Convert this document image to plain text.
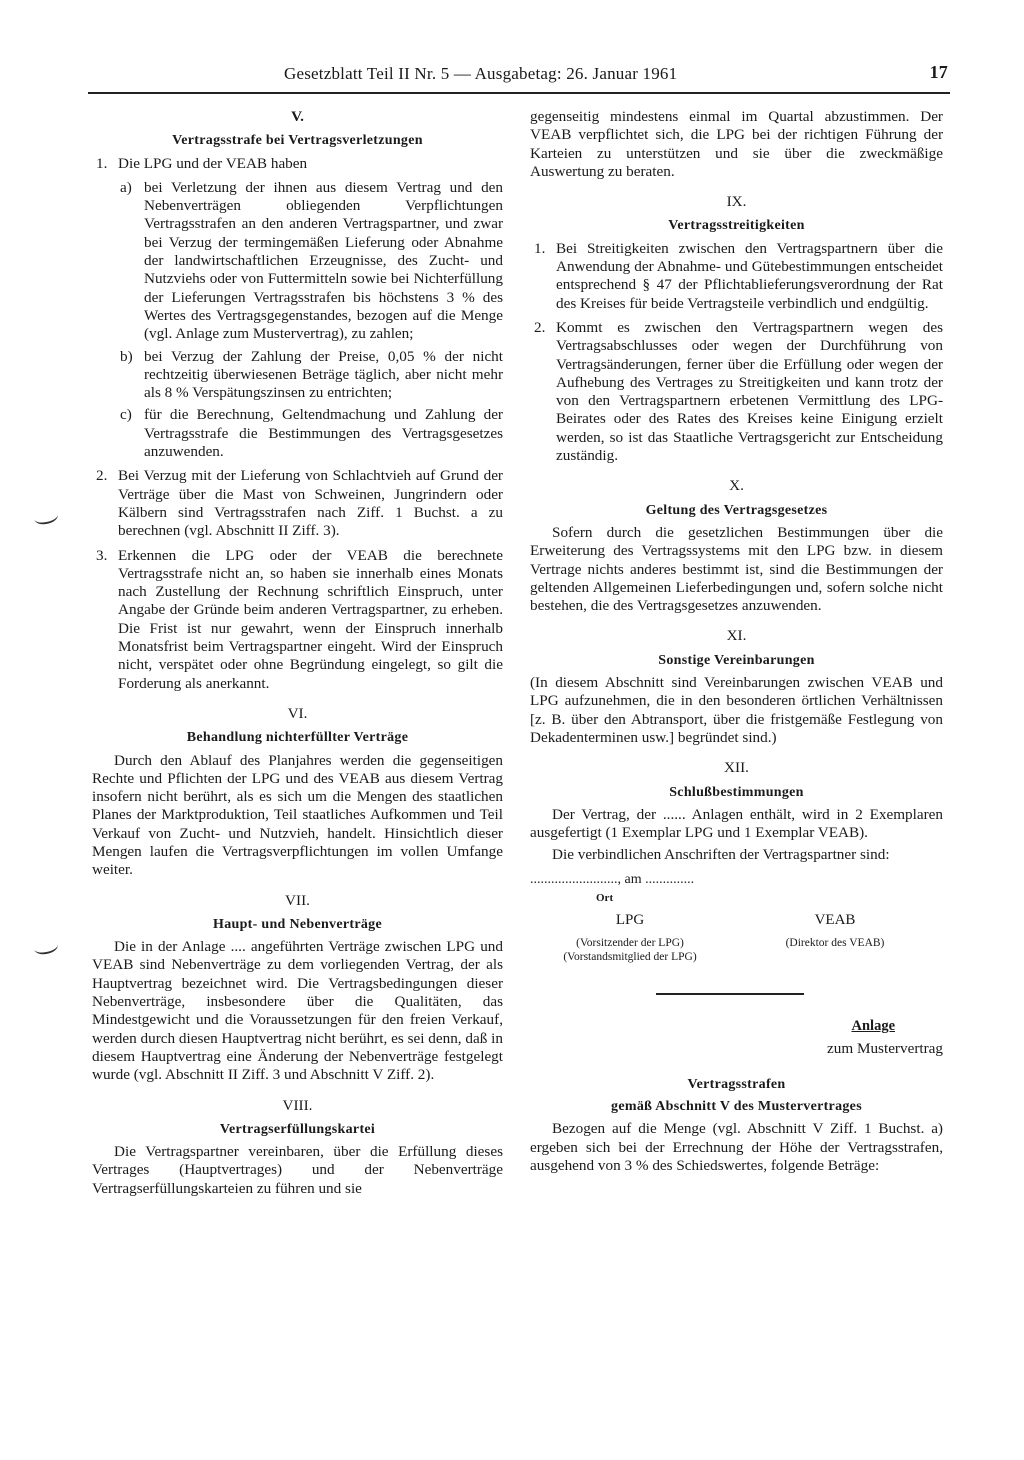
Gesetzblatt Teil II Nr. 5 — Ausgabetag: 26. Januar 1961	17
V.
Vertragsstrafe bei Vertragsverletzungen
1. Die LPG und der VEAB haben
a) bei Verletzung der ihnen aus diesem Vertrag und den Nebenverträgen obliegenden Verpflichtungen Vertragsstrafen an den anderen Vertragspartner, und zwar bei Verzug der termingemäßen Lieferung oder Abnahme der landwirtschaftlichen Erzeugnisse, des Zucht- und Nutzviehs oder von Futtermitteln sowie bei Nichterfüllung der Lieferungen Vertragsstrafen bis höchstens 3 % des Wertes des Vertragsgegenstandes, bezogen auf die Menge (vgl. Anlage zum Mustervertrag), zu zahlen;
b) bei Verzug der Zahlung der Preise, 0,05 % der nicht rechtzeitig überwiesenen Beträge täglich, aber nicht mehr als 8 % Verspätungszinsen zu entrichten;
c) für die Berechnung, Geltendmachung und Zahlung der Vertragsstrafe die Bestimmungen des Vertragsgesetzes anzuwenden.
2. Bei Verzug mit der Lieferung von Schlachtvieh auf Grund der Verträge über die Mast von Schweinen, Jungrindern oder Kälbern sind Vertragsstrafen nach Ziff. 1 Buchst. a zu berechnen (vgl. Abschnitt II Ziff. 3).
3. Erkennen die LPG oder der VEAB die berechnete Vertragsstrafe nicht an, so haben sie innerhalb eines Monats nach Zustellung der Rechnung schriftlich Einspruch, unter Angabe der Gründe beim anderen Vertragspartner, zu erheben. Die Frist ist nur gewahrt, wenn der Einspruch innerhalb Monatsfrist beim Vertragspartner eingeht. Wird der Einspruch nicht, verspätet oder ohne Begründung eingelegt, so gilt die Forderung als anerkannt.
VI.
Behandlung nichterfüllter Verträge

Durch den Ablauf des Planjahres werden die gegenseitigen Rechte und Pflichten der LPG und des VEAB aus diesem Vertrag insofern nicht berührt, als es sich um die Mengen des staatlichen Planes der Marktproduktion, Teil staatliches Aufkommen und Teil Verkauf von Zucht- und Nutzvieh, handelt. Hinsichtlich dieser Mengen laufen die Vertragsverpflichtungen im vollen Umfange weiter.

VII.
Haupt- und Nebenverträge

Die in der Anlage .... angeführten Verträge zwischen LPG und VEAB sind Nebenverträge zu dem vorliegenden Vertrag, der als Hauptvertrag bezeichnet wird. Die Vertragsbedingungen dieser Nebenverträge, insbesondere über die Qualitäten, das Mindestgewicht und die Voraussetzungen für den freien Verkauf, werden durch diesen Hauptvertrag nicht berührt, es sei denn, daß in diesem Hauptvertrag eine Änderung der Nebenverträge festgelegt wurde (vgl. Abschnitt II Ziff. 3 und Abschnitt V Ziff. 2).

VIII.
Vertragserfüllungskartei

Die Vertragspartner vereinbaren, über die Erfüllung dieses Vertrages (Hauptvertrages) und der Nebenverträge Vertragserfüllungskarteien zu führen und sie

gegenseitig mindestens einmal im Quartal abzustimmen. Der VEAB verpflichtet sich, die LPG bei der richtigen Führung der Karteien zu unterstützen und sie über die zweckmäßige Auswertung zu beraten.

IX.
Vertragsstreitigkeiten
1. Bei Streitigkeiten zwischen den Vertragspartnern über die Anwendung der Abnahme- und Gütebestimmungen entscheidet entsprechend § 47 der Pflichtablieferungsverordnung der Rat des Kreises für beide Vertragsteile verbindlich und endgültig.
2. Kommt es zwischen den Vertragspartnern wegen des Vertragsabschlusses oder wegen der Durchführung von Vertragsänderungen, ferner über die Erfüllung oder wegen der Aufhebung des Vertrages zu Streitigkeiten und kann trotz der von den Vertragspartnern erbetenen Vermittlung des LPG-Beirates oder des Rates des Kreises keine Einigung erzielt werden, so ist das Staatliche Vertragsgericht zur Entscheidung zuständig.
X.
Geltung des Vertragsgesetzes

Sofern durch die gesetzlichen Bestimmungen über die Erweiterung des Vertragssystems mit den LPG bzw. in diesem Vertrage nichts anderes bestimmt ist, sind die Bestimmungen der geltenden Allgemeinen Lieferbedingungen und, sofern solche nicht bestehen, die des Vertragsgesetzes anzuwenden.

XI.
Sonstige Vereinbarungen

(In diesem Abschnitt sind Vereinbarungen zwischen VEAB und LPG aufzunehmen, die in den besonderen örtlichen Verhältnissen [z. B. über den Abtransport, über die fristgemäße Festlegung von Dekadenterminen usw.] begründet sind.)

XII.
Schlußbestimmungen

Der Vertrag, der ...... Anlagen enthält, wird in 2 Exemplaren ausgefertigt (1 Exemplar LPG und 1 Exemplar VEAB).

Die verbindlichen Anschriften der Vertragspartner sind:

........................., am ..............
Ort
LPG
(Vorsitzender der LPG)
(Vorstandsmitglied der LPG)
VEAB
(Direktor des VEAB)
Anlage
zum Mustervertrag
Vertragsstrafen
gemäß Abschnitt V des Mustervertrages

Bezogen auf die Menge (vgl. Abschnitt V Ziff. 1 Buchst. a) ergeben sich bei der Errechnung der Höhe der Vertragsstrafen, ausgehend von 3 % des Schiedswertes, folgende Beträge:
